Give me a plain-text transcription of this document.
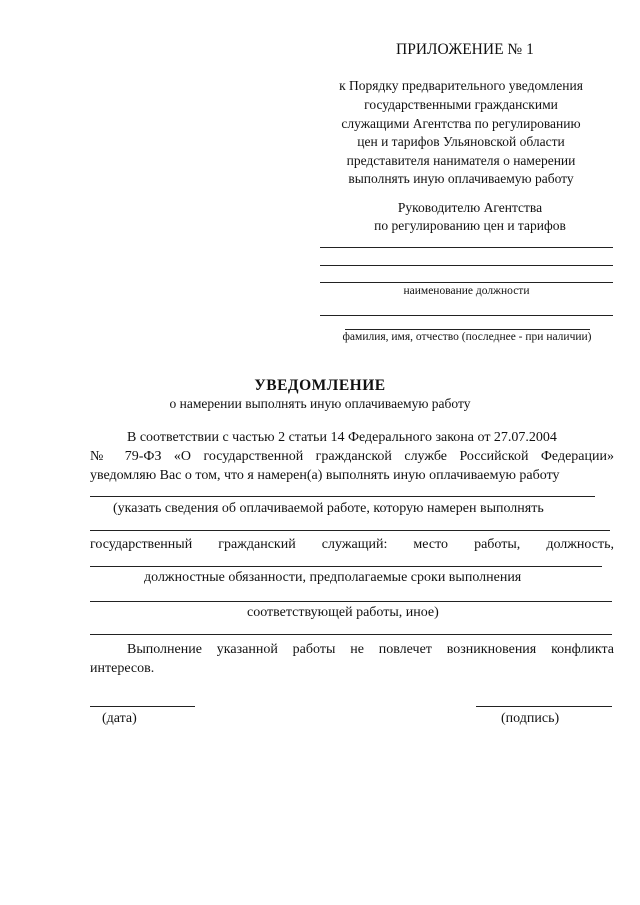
ПРИЛОЖЕНИЕ № 1
к Порядку предварительного уведомления
государственными гражданскими
служащими Агентства по регулированию
цен и тарифов Ульяновской области
представителя нанимателя о намерении
выполнять иную оплачиваемую работу
Руководителю Агентства
по регулированию цен и тарифов
наименование должности
фамилия, имя, отчество (последнее - при наличии)
УВЕДОМЛЕНИЕ
о намерении выполнять иную оплачиваемую работу
В соответствии с частью 2 статьи 14 Федерального закона от 27.07.2004
№ 79-ФЗ «О государственной гражданской службе Российской Федерации»
уведомляю Вас о том, что я намерен(а) выполнять иную оплачиваемую работу
(указать сведения об оплачиваемой работе, которую намерен выполнять
государственный гражданский служащий: место работы, должность,
должностные обязанности, предполагаемые сроки выполнения
соответствующей работы, иное)
Выполнение указанной работы не повлечет возникновения конфликта
интересов.
(дата)	(подпись)
